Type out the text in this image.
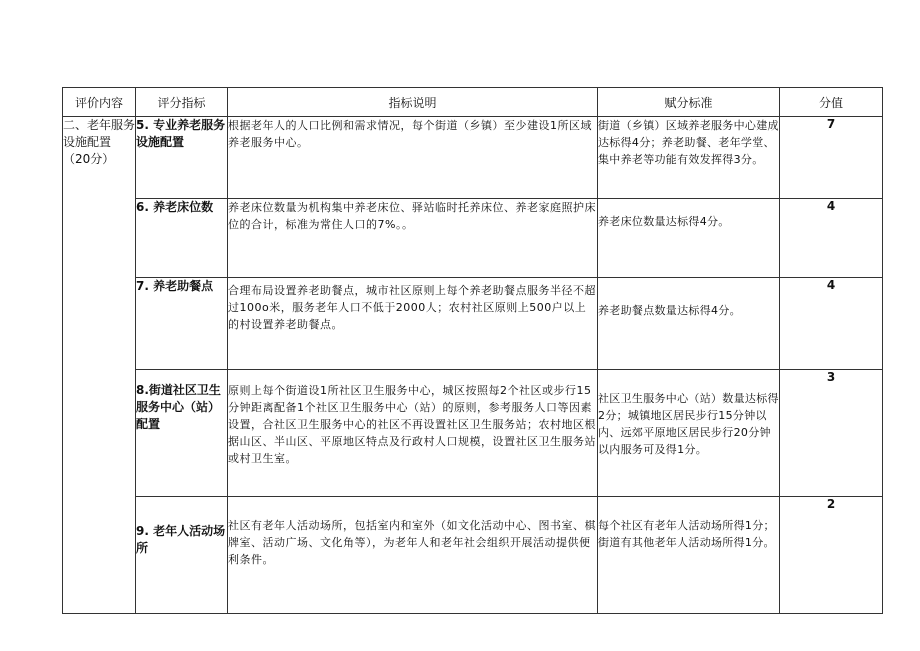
评价内容	评分指标	指标说明	赋分标准	分值
二、老年服务设施配置（20分）	5. 专业养老服务设施配置	根据老年人的人口比例和需求情况，每个街道（乡镇）至少建设1所区域养老服务中心。	街道（乡镇）区域养老服务中心建成达标得4分；养老助餐、老年学堂、集中养老等功能有效发挥得3分。	7
	6. 养老床位数	养老床位数量为机构集中养老床位、驿站临时托养床位、养老家庭照护床位的合计，标准为常住人口的7%。。	养老床位数量达标得4分。	4
	7. 养老助餐点	合理布局设置养老助餐点，城市社区原则上每个养老助餐点服务半径不超过100o米，服务老年人口不低于2000人；农村社区原则上500户以上的村设置养老助餐点。	养老助餐点数量达标得4分。	4
	8.街道社区卫生服务中心（站）配置	原则上每个街道设1所社区卫生服务中心，城区按照每2个社区或步行15分钟距离配备1个社区卫生服务中心（站）的原则，参考服务人口等因素设置，合社区卫生服务中心的社区不再设置社区卫生服务站；农村地区根据山区、半山区、平原地区特点及行政村人口规模，设置社区卫生服务站或村卫生室。	社区卫生服务中心（站）数量达标得2分；城镇地区居民步行15分钟以内、远郊平原地区居民步行20分钟以内服务可及得1分。	3
	9. 老年人活动场所	社区有老年人活动场所，包括室内和室外（如文化活动中心、图书室、棋牌室、活动广场、文化角等），为老年人和老年社会组织开展活动提供便利条件。	每个社区有老年人活动场所得1分；街道有其他老年人活动场所得1分。	2
